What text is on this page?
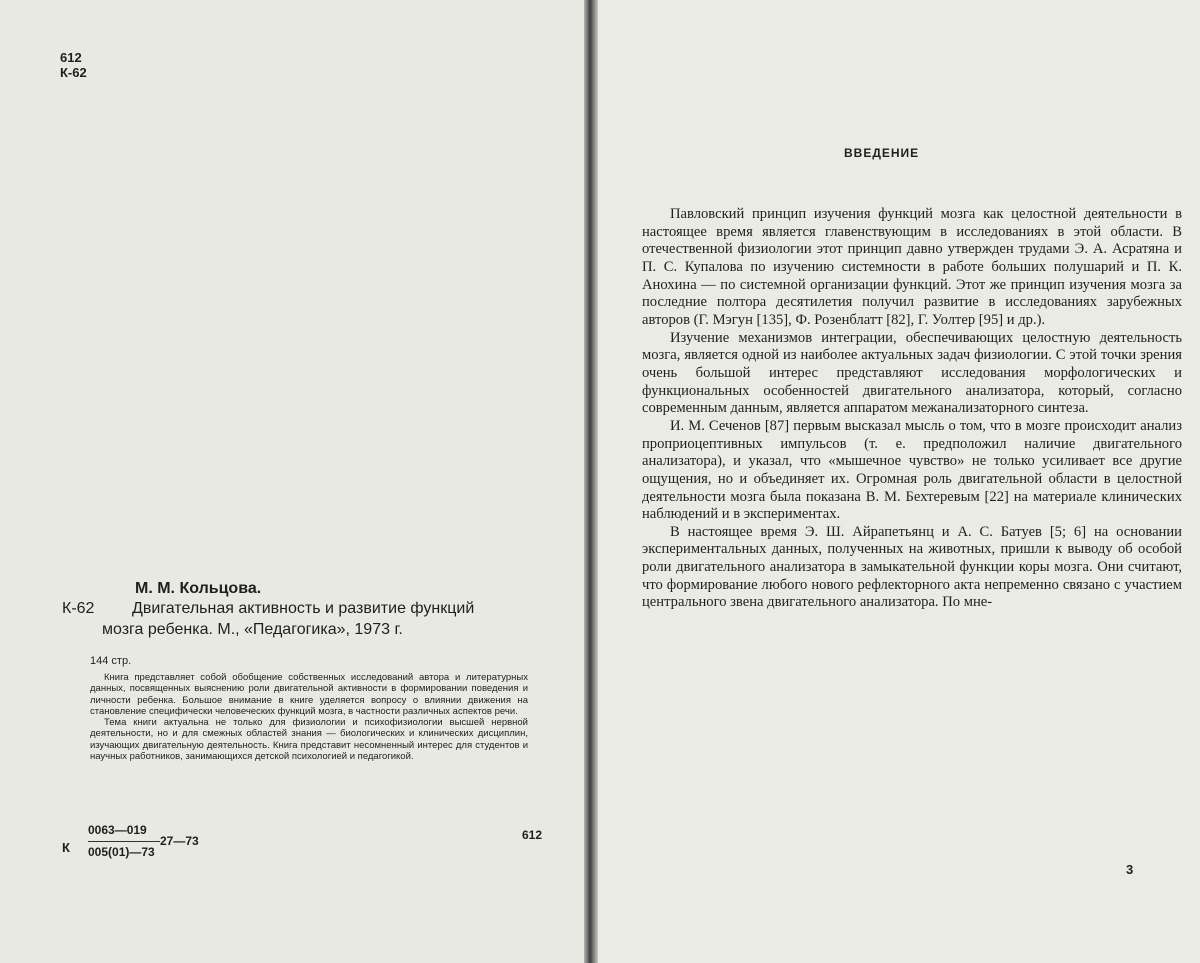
612
К-62
М. М. Кольцова.
К-62 Двигательная активность и развитие функций
мозга ребенка. М., «Педагогика», 1973 г.
144 стр.

Книга представляет собой обобщение собственных исследований автора и литературных данных, посвященных выяснению роли двигательной активности в формировании поведения и личности ребенка. Большое внимание в книге уделяется вопросу о влиянии движения на становление специфически человеческих функций мозга, в частности различных аспектов речи.

Тема книги актуальна не только для физиологии и психофизиологии высшей нервной деятельности, но и для смежных областей знания — биологических и клинических дисциплин, изучающих двигательную деятельность. Книга представит несомненный интерес для студентов и научных работников, занимающихся детской психологией и педагогикой.

К
0063—019
005(01)—73
27—73	612
ВВЕДЕНИЕ

Павловский принцип изучения функций мозга как целостной деятельности в настоящее время является главенствующим в исследованиях в этой области. В отечественной физиологии этот принцип давно утвержден трудами Э. А. Асратяна и П. С. Купалова по изучению системности в работе больших полушарий и П. К. Анохина — по системной организации функций. Этот же принцип изучения мозга за последние полтора десятилетия получил развитие в исследованиях зарубежных авторов (Г. Мэгун [135], Ф. Розенблатт [82], Г. Уолтер [95] и др.).

Изучение механизмов интеграции, обеспечивающих целостную деятельность мозга, является одной из наиболее актуальных задач физиологии. С этой точки зрения очень большой интерес представляют исследования морфологических и функциональных особенностей двигательного анализатора, который, согласно современным данным, является аппаратом межанализаторного синтеза.

И. М. Сеченов [87] первым высказал мысль о том, что в мозге происходит анализ проприоцептивных импульсов (т. е. предположил наличие двигательного анализатора), и указал, что «мышечное чувство» не только усиливает все другие ощущения, но и объединяет их. Огромная роль двигательной области в целостной деятельности мозга была показана В. М. Бехтеревым [22] на материале клинических наблюдений и в экспериментах.

В настоящее время Э. Ш. Айрапетьянц и А. С. Батуев [5; 6] на основании экспериментальных данных, полученных на животных, пришли к выводу об особой роли двигательного анализатора в замыкательной функции коры мозга. Они считают, что формирование любого нового рефлекторного акта непременно связано с участием центрального звена двигательного анализатора. По мне-

3
